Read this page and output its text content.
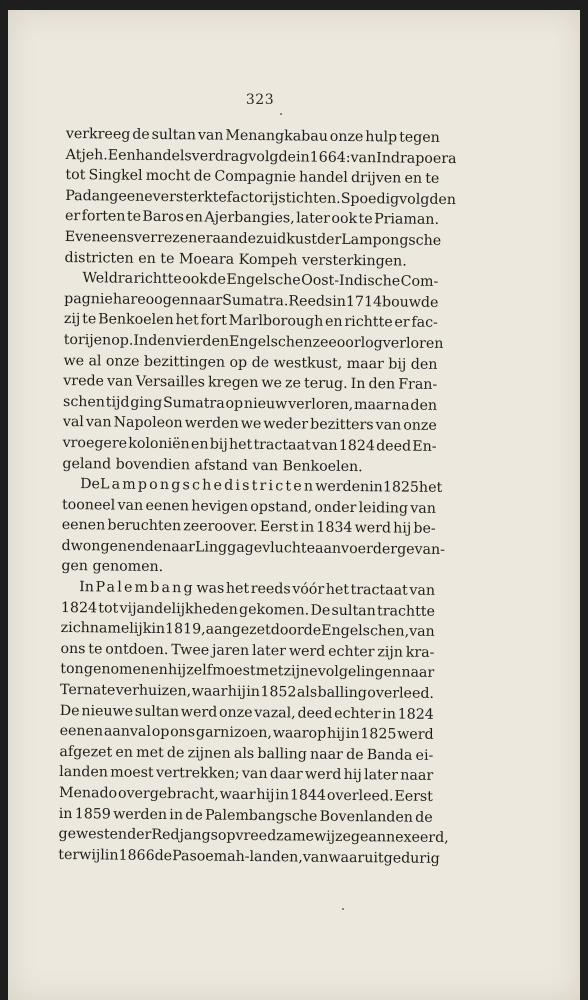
323
verkreeg de sultan van Menangkabau onze hulp tegen
Atjeh. Een handelsverdrag volgde in 1664: van Indrapoera
tot Singkel mocht de Compagnie handel drijven en te
Padang eene versterkte factorij stichten. Spoedig volgden
er forten te Baros en Ajerbangies, later ook te Priaman.
Eveneens verrezen er aan de zuidkust der Lampongsche
districten en te Moeara Kompeh versterkingen.
Weldra richtte ook de Engelsche Oost-Indische Com-
pagnie hare oogen naar Sumatra. Reeds in 1714 bouwde
zij te Benkoelen het fort Marlborough en richtte er fac-
torijen op. In den vierden Engelschen zeeoorlog verloren
we al onze bezittingen op de westkust, maar bij den
vrede van Versailles kregen we ze terug. In den Fran-
schen tijd ging Sumatra op nieuw verloren, maar na den
val van Napoleon werden we weder bezitters van onze
vroegere koloniën en bij het tractaat van 1824 deed En-
geland bovendien afstand van Benkoelen.
De Lampongsche districten werden in 1825 het
tooneel van eenen hevigen opstand, onder leiding van
eenen beruchten zeeroover. Eerst in 1834 werd hij be-
dwongen en de naar Lingga gevluchte aanvoerder gevan-
gen genomen.
In Palembang was het reeds vóór het tractaat van
1824 tot vijandelijkheden gekomen. De sultan trachtte
zich namelijk in 1819, aangezet door de Engelschen, van
ons te ontdoen. Twee jaren later werd echter zijn kra-
ton genomen en hij zelf moest met zijne volgelingen naar
Ternate verhuizen, waar hij in 1852 als balling overleed.
De nieuwe sultan werd onze vazal, deed echter in 1824
eenen aanval op ons garnizoen, waarop hij in 1825 werd
afgezet en met de zijnen als balling naar de Banda ei-
landen moest vertrekken; van daar werd hij later naar
Menado overgebracht, waar hij in 1844 overleed. Eerst
in 1859 werden in de Palembangsche Bovenlanden de
gewesten der Redjangs op vreedzame wijze geannexeerd,
terwijl in 1866 de Pasoemah-landen, vanwaar uit gedurig
